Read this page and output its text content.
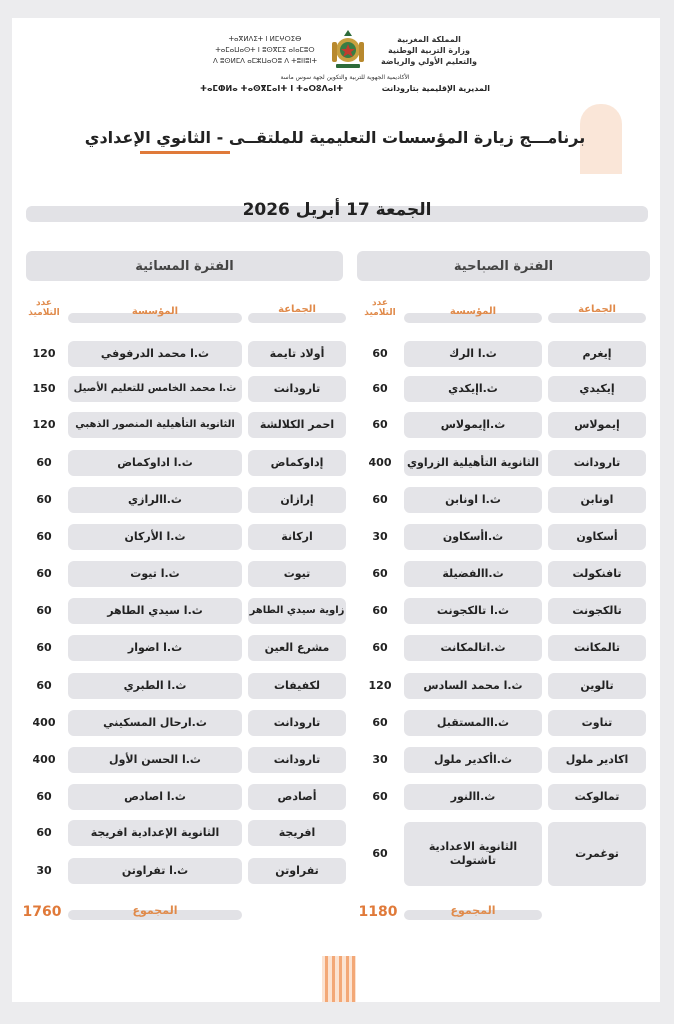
ⵜⴰⴳⵍⴷⵉⵜ ⵏ ⵍⵎⵖⵔⵉⴱ
ⵜⴰⵎⴰⵡⴰⵙⵜ ⵏ ⵓⵙⴳⵎⵉ ⴰⵏⴰⵎⵓⵔ
ⴷ ⵓⵙⵍⵎⴷ ⴰⵎⵣⵡⴰⵔⵓ ⴷ ⵜⵓⵏⵏⵓⵏⵜ
المملكة المغربية
وزارة التربية الوطنية
والتعليم الأولي والرياضة
الأكاديمية الجهوية للتربية والتكوين لجهة سوس ماسة
ⵜⴰⵎⵀⵍⴰ ⵜⴰⵙⴳⵎⴰⵏⵜ ⵏ ⵜⴰⵔⵓⴷⴰⵏⵜ	المديرية الإقليمية بتارودانت
برنامـــج زيارة المؤسسات التعليمية للملتقــى - الثانوي الإعدادي
الجمعة 17 أبريل 2026
الفترة الصباحية
الفترة المسائية
الجماعة
المؤسسة
عدد
التلاميذ
الجماعة
المؤسسة
عدد
التلاميذ
إيغرم
ث.ا الرك
60
إيكيدي
ث.اإيكدي
60
إيمولاس
ث.اإيمولاس
60
تارودانت
الثانوية التأهيلية الزراوي
400
اونابن
ث.ا اونابن
60
أسكاون
ث.اأسكاون
30
تافنكولت
ث.االفضيلة
60
تالكجونت
ث.ا تالكجونت
60
تالمكانت
ث.اتالمكانت
60
تالوين
ث.ا محمد السادس
120
تناوت
ث.االمستقبل
60
اكادير ملول
ث.اأكدير ملول
30
تمالوكت
ث.االنور
60
توغمرت
الثانوية الاعدادية تاشتولت
60
أولاد تايمة
ث.ا محمد الدرفوفي
120
تارودانت
ث.ا محمد الخامس للتعليم الأصيل
150
احمر الكلالشة
الثانوية التأهيلية المنصور الذهبي
120
إداوكماض
ث.ا اداوكماض
60
إرازان
ث.االرازي
60
اركانة
ث.ا الأركان
60
تيوت
ث.ا تيوت
60
زاوية سيدي الطاهر
ث.ا سيدي الطاهر
60
مشرع العين
ث.ا اضوار
60
لكفيفات
ث.ا الطبري
60
تارودانت
ث.ارحال المسكيني
400
تارودانت
ث.ا الحسن الأول
400
أصادص
ث.ا اصادص
60
افريجة
الثانوية الإعدادية افريجة
60
تفراوتن
ث.ا تفراوتن
30
المجموع
1180
المجموع
1760
